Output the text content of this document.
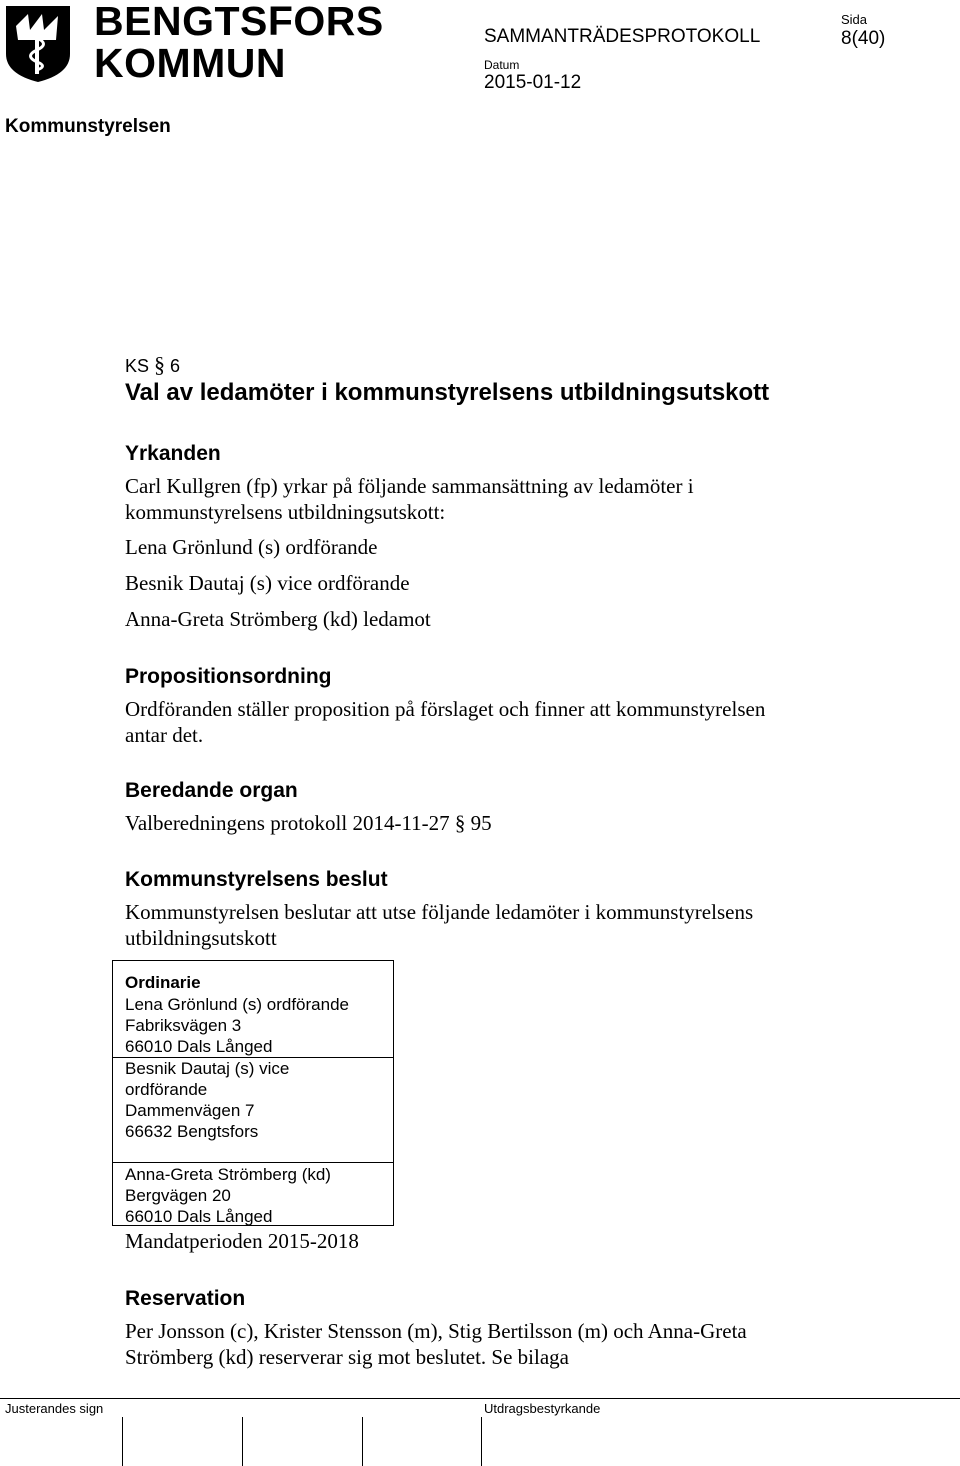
BENGTSFORS
KOMMUN
SAMMANTRÄDESPROTOKOLL
Datum
2015-01-12
Sida
8(40)
Kommunstyrelsen
KS § 6
Val av ledamöter i kommunstyrelsens utbildningsutskott
Yrkanden
Carl Kullgren (fp) yrkar på följande sammansättning av ledamöter i
kommunstyrelsens utbildningsutskott:
Lena Grönlund (s) ordförande
Besnik Dautaj (s) vice ordförande
Anna-Greta Strömberg (kd) ledamot
Propositionsordning
Ordföranden ställer proposition på förslaget och finner att kommunstyrelsen
antar det.
Beredande organ
Valberedningens protokoll 2014-11-27 § 95
Kommunstyrelsens beslut
Kommunstyrelsen beslutar att utse följande ledamöter i kommunstyrelsens
utbildningsutskott
Ordinarie
Lena Grönlund (s) ordförande
Fabriksvägen 3
66010 Dals Långed
Besnik Dautaj (s) vice
ordförande
Dammenvägen 7
66632 Bengtsfors
Anna-Greta Strömberg (kd)
Bergvägen 20
66010 Dals Långed
Mandatperioden 2015-2018
Reservation
Per Jonsson (c), Krister Stensson (m), Stig Bertilsson (m) och Anna-Greta
Strömberg (kd) reserverar sig mot beslutet. Se bilaga
Justerandes sign	Utdragsbestyrkande
